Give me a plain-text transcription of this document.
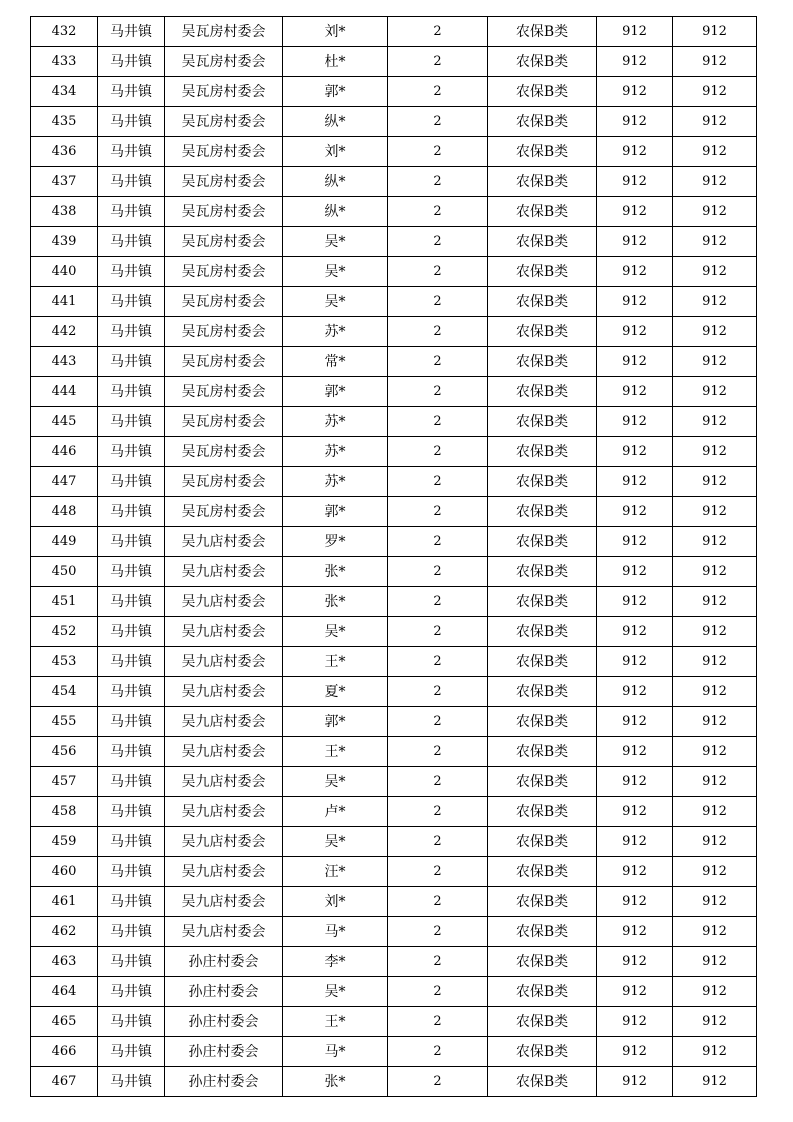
432	马井镇	吴瓦房村委会	刘*	2	农保B类	912	912
433	马井镇	吴瓦房村委会	杜*	2	农保B类	912	912
434	马井镇	吴瓦房村委会	郭*	2	农保B类	912	912
435	马井镇	吴瓦房村委会	纵*	2	农保B类	912	912
436	马井镇	吴瓦房村委会	刘*	2	农保B类	912	912
437	马井镇	吴瓦房村委会	纵*	2	农保B类	912	912
438	马井镇	吴瓦房村委会	纵*	2	农保B类	912	912
439	马井镇	吴瓦房村委会	吴*	2	农保B类	912	912
440	马井镇	吴瓦房村委会	吴*	2	农保B类	912	912
441	马井镇	吴瓦房村委会	吴*	2	农保B类	912	912
442	马井镇	吴瓦房村委会	苏*	2	农保B类	912	912
443	马井镇	吴瓦房村委会	常*	2	农保B类	912	912
444	马井镇	吴瓦房村委会	郭*	2	农保B类	912	912
445	马井镇	吴瓦房村委会	苏*	2	农保B类	912	912
446	马井镇	吴瓦房村委会	苏*	2	农保B类	912	912
447	马井镇	吴瓦房村委会	苏*	2	农保B类	912	912
448	马井镇	吴瓦房村委会	郭*	2	农保B类	912	912
449	马井镇	吴九店村委会	罗*	2	农保B类	912	912
450	马井镇	吴九店村委会	张*	2	农保B类	912	912
451	马井镇	吴九店村委会	张*	2	农保B类	912	912
452	马井镇	吴九店村委会	吴*	2	农保B类	912	912
453	马井镇	吴九店村委会	王*	2	农保B类	912	912
454	马井镇	吴九店村委会	夏*	2	农保B类	912	912
455	马井镇	吴九店村委会	郭*	2	农保B类	912	912
456	马井镇	吴九店村委会	王*	2	农保B类	912	912
457	马井镇	吴九店村委会	吴*	2	农保B类	912	912
458	马井镇	吴九店村委会	卢*	2	农保B类	912	912
459	马井镇	吴九店村委会	吴*	2	农保B类	912	912
460	马井镇	吴九店村委会	汪*	2	农保B类	912	912
461	马井镇	吴九店村委会	刘*	2	农保B类	912	912
462	马井镇	吴九店村委会	马*	2	农保B类	912	912
463	马井镇	孙庄村委会	李*	2	农保B类	912	912
464	马井镇	孙庄村委会	吴*	2	农保B类	912	912
465	马井镇	孙庄村委会	王*	2	农保B类	912	912
466	马井镇	孙庄村委会	马*	2	农保B类	912	912
467	马井镇	孙庄村委会	张*	2	农保B类	912	912
